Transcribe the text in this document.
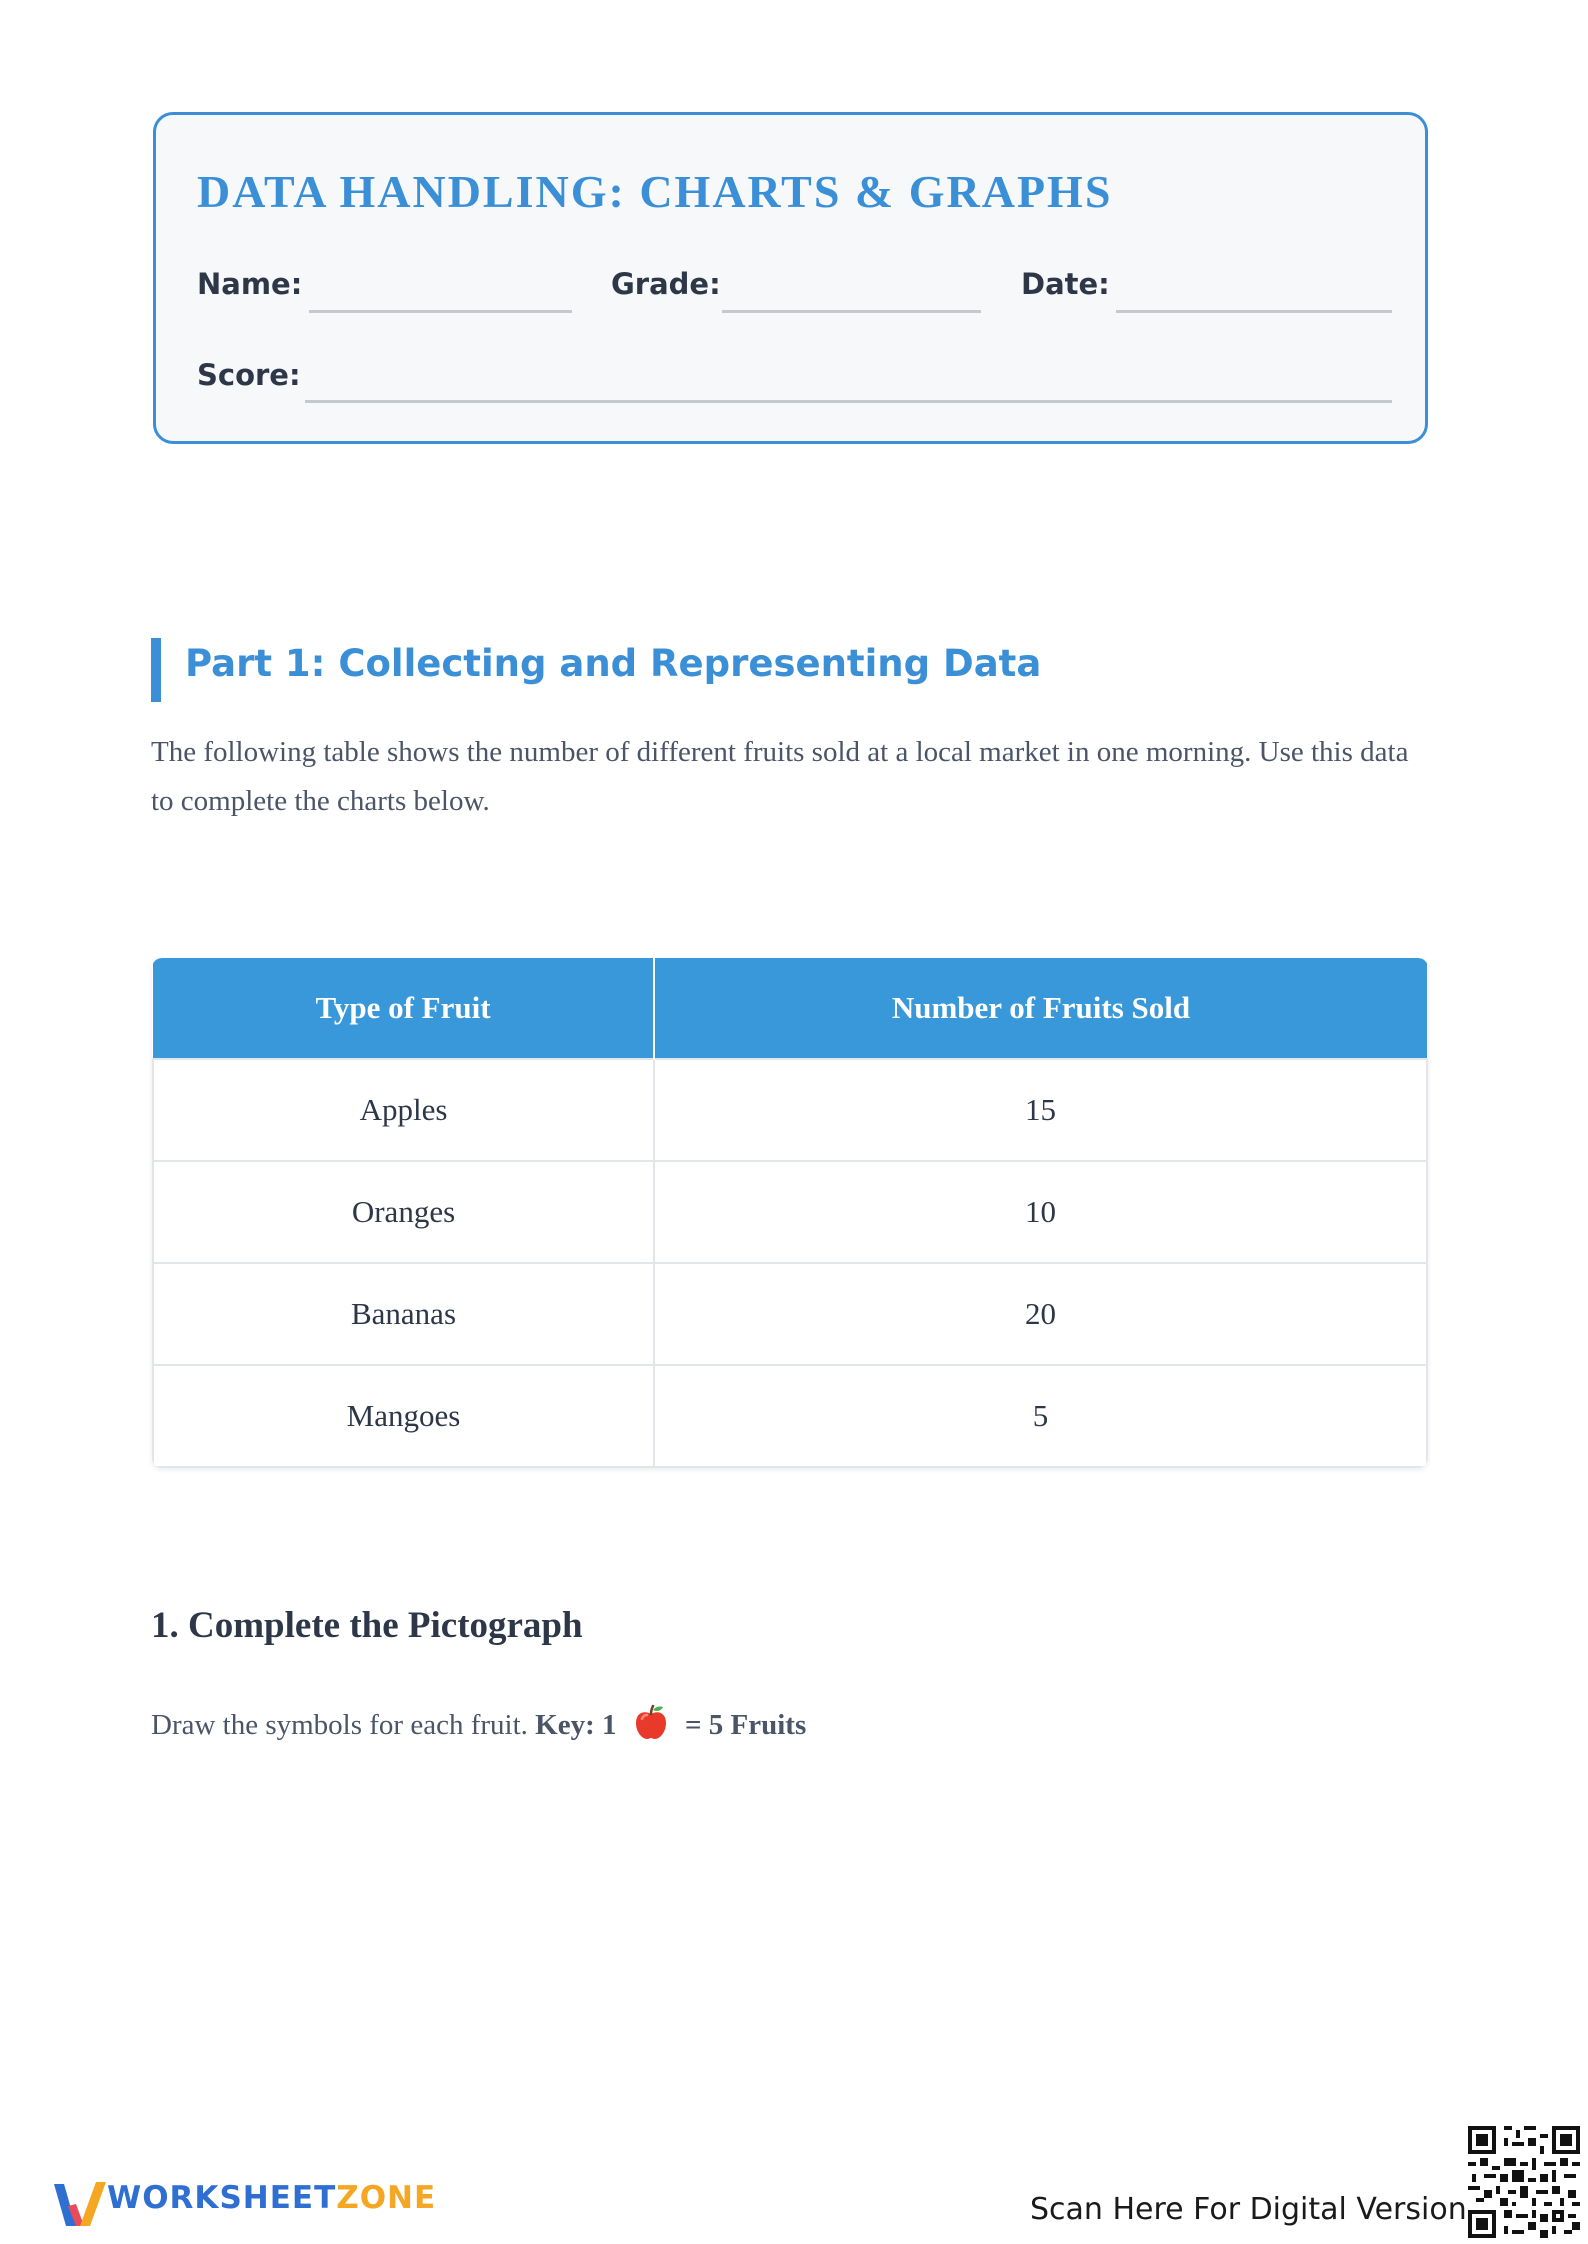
DATA HANDLING: CHARTS & GRAPHS
Name:	Grade:	Date:
Score:
Part 1: Collecting and Representing Data

The following table shows the number of different fruits sold at a local market in one morning. Use this data to complete the charts below.

Type of Fruit	Number of Fruits Sold
Apples	15
Oranges	10
Bananas	20
Mangoes	5
1. Complete the Pictograph

Draw the symbols for each fruit. Key: 1 = 5 Fruits

WORKSHEETZONE	Scan Here For Digital Version
